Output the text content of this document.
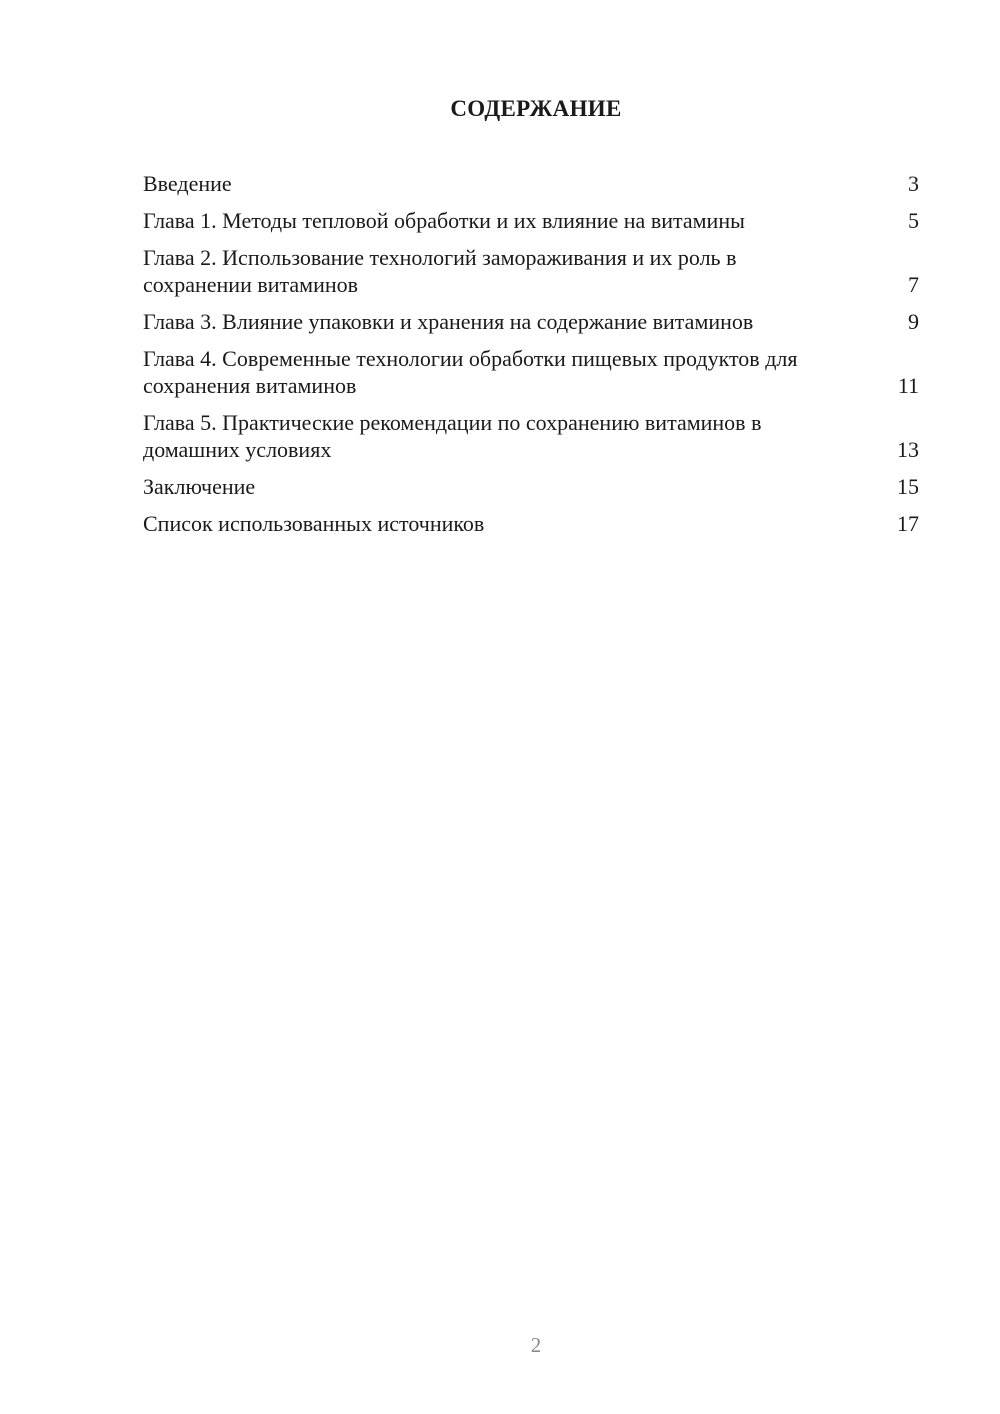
СОДЕРЖАНИЕ
Введение	3
Глава 1. Методы тепловой обработки и их влияние на витамины	5
Глава 2. Использование технологий замораживания и их роль в сохранении витаминов	7
Глава 3. Влияние упаковки и хранения на содержание витаминов	9
Глава 4. Современные технологии обработки пищевых продуктов для сохранения витаминов	11
Глава 5. Практические рекомендации по сохранению витаминов в домашних условиях	13
Заключение	15
Список использованных источников	17
2
